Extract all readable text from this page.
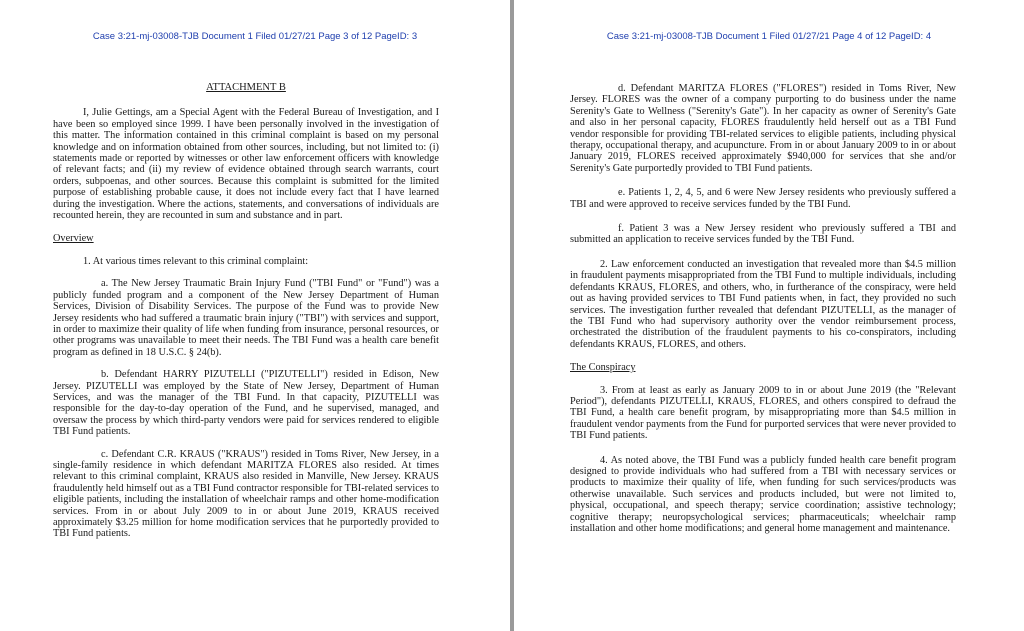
Case 3:21-mj-03008-TJB Document 1 Filed 01/27/21 Page 3 of 12 PageID: 3

ATTACHMENT B

I, Julie Gettings, am a Special Agent with the Federal Bureau of Investigation, and I have been so employed since 1999. I have been personally involved in the investigation of this matter. The information contained in this criminal complaint is based on my personal knowledge and on information obtained from other sources, including, but not limited to: (i) statements made or reported by witnesses or other law enforcement officers with knowledge of relevant facts; and (ii) my review of evidence obtained through search warrants, court orders, subpoenas, and other sources. Because this complaint is submitted for the limited purpose of establishing probable cause, it does not include every fact that I have learned during the investigation. Where the actions, statements, and conversations of individuals are recounted herein, they are recounted in sum and substance and in part.

Overview

1. At various times relevant to this criminal complaint:

a. The New Jersey Traumatic Brain Injury Fund ("TBI Fund" or "Fund") was a publicly funded program and a component of the New Jersey Department of Human Services, Division of Disability Services. The purpose of the Fund was to provide New Jersey residents who had suffered a traumatic brain injury ("TBI") with services and support, in order to maximize their quality of life when funding from insurance, personal resources, or other programs was unavailable to meet their needs. The TBI Fund was a health care benefit program as defined in 18 U.S.C. § 24(b).

b. Defendant HARRY PIZUTELLI ("PIZUTELLI") resided in Edison, New Jersey. PIZUTELLI was employed by the State of New Jersey, Department of Human Services, and was the manager of the TBI Fund. In that capacity, PIZUTELLI was responsible for the day-to-day operation of the Fund, and he supervised, managed, and oversaw the process by which third-party vendors were paid for services rendered to eligible TBI Fund patients.

c. Defendant C.R. KRAUS ("KRAUS") resided in Toms River, New Jersey, in a single-family residence in which defendant MARITZA FLORES also resided. At times relevant to this criminal complaint, KRAUS also resided in Manville, New Jersey. KRAUS fraudulently held himself out as a TBI Fund contractor responsible for TBI-related services to eligible patients, including the installation of wheelchair ramps and other home-modification services. From in or about July 2009 to in or about June 2019, KRAUS received approximately $3.25 million for home modification services that he purportedly provided to TBI Fund patients.

Case 3:21-mj-03008-TJB Document 1 Filed 01/27/21 Page 4 of 12 PageID: 4

d. Defendant MARITZA FLORES ("FLORES") resided in Toms River, New Jersey. FLORES was the owner of a company purporting to do business under the name Serenity's Gate to Wellness ("Serenity's Gate"). In her capacity as owner of Serenity's Gate and also in her personal capacity, FLORES fraudulently held herself out as a TBI Fund vendor responsible for providing TBI-related services to eligible patients, including physical therapy, occupational therapy, and acupuncture. From in or about January 2009 to in or about January 2019, FLORES received approximately $940,000 for services that she and/or Serenity's Gate purportedly provided to TBI Fund patients.

e. Patients 1, 2, 4, 5, and 6 were New Jersey residents who previously suffered a TBI and were approved to receive services funded by the TBI Fund.

f. Patient 3 was a New Jersey resident who previously suffered a TBI and submitted an application to receive services funded by the TBI Fund.

2. Law enforcement conducted an investigation that revealed more than $4.5 million in fraudulent payments misappropriated from the TBI Fund to multiple individuals, including defendants KRAUS, FLORES, and others, who, in furtherance of the conspiracy, were held out as having provided services to TBI Fund patients when, in fact, they provided no such services. The investigation further revealed that defendant PIZUTELLI, as the manager of the TBI Fund who had supervisory authority over the vendor reimbursement process, orchestrated the distribution of the fraudulent payments to his co-conspirators, including defendants KRAUS, FLORES, and others.

The Conspiracy

3. From at least as early as January 2009 to in or about June 2019 (the "Relevant Period"), defendants PIZUTELLI, KRAUS, FLORES, and others conspired to defraud the TBI Fund, a health care benefit program, by misappropriating more than $4.5 million in fraudulent vendor payments from the Fund for purported services that were never provided to TBI Fund patients.

4. As noted above, the TBI Fund was a publicly funded health care benefit program designed to provide individuals who had suffered from a TBI with necessary services or products to maximize their quality of life, when funding for such services/products was otherwise unavailable. Such services and products included, but were not limited to, physical, occupational, and speech therapy; service coordination; assistive technology; cognitive therapy; neuropsychological services; pharmaceuticals; wheelchair ramp installation and other home modifications; and general home management and maintenance.
